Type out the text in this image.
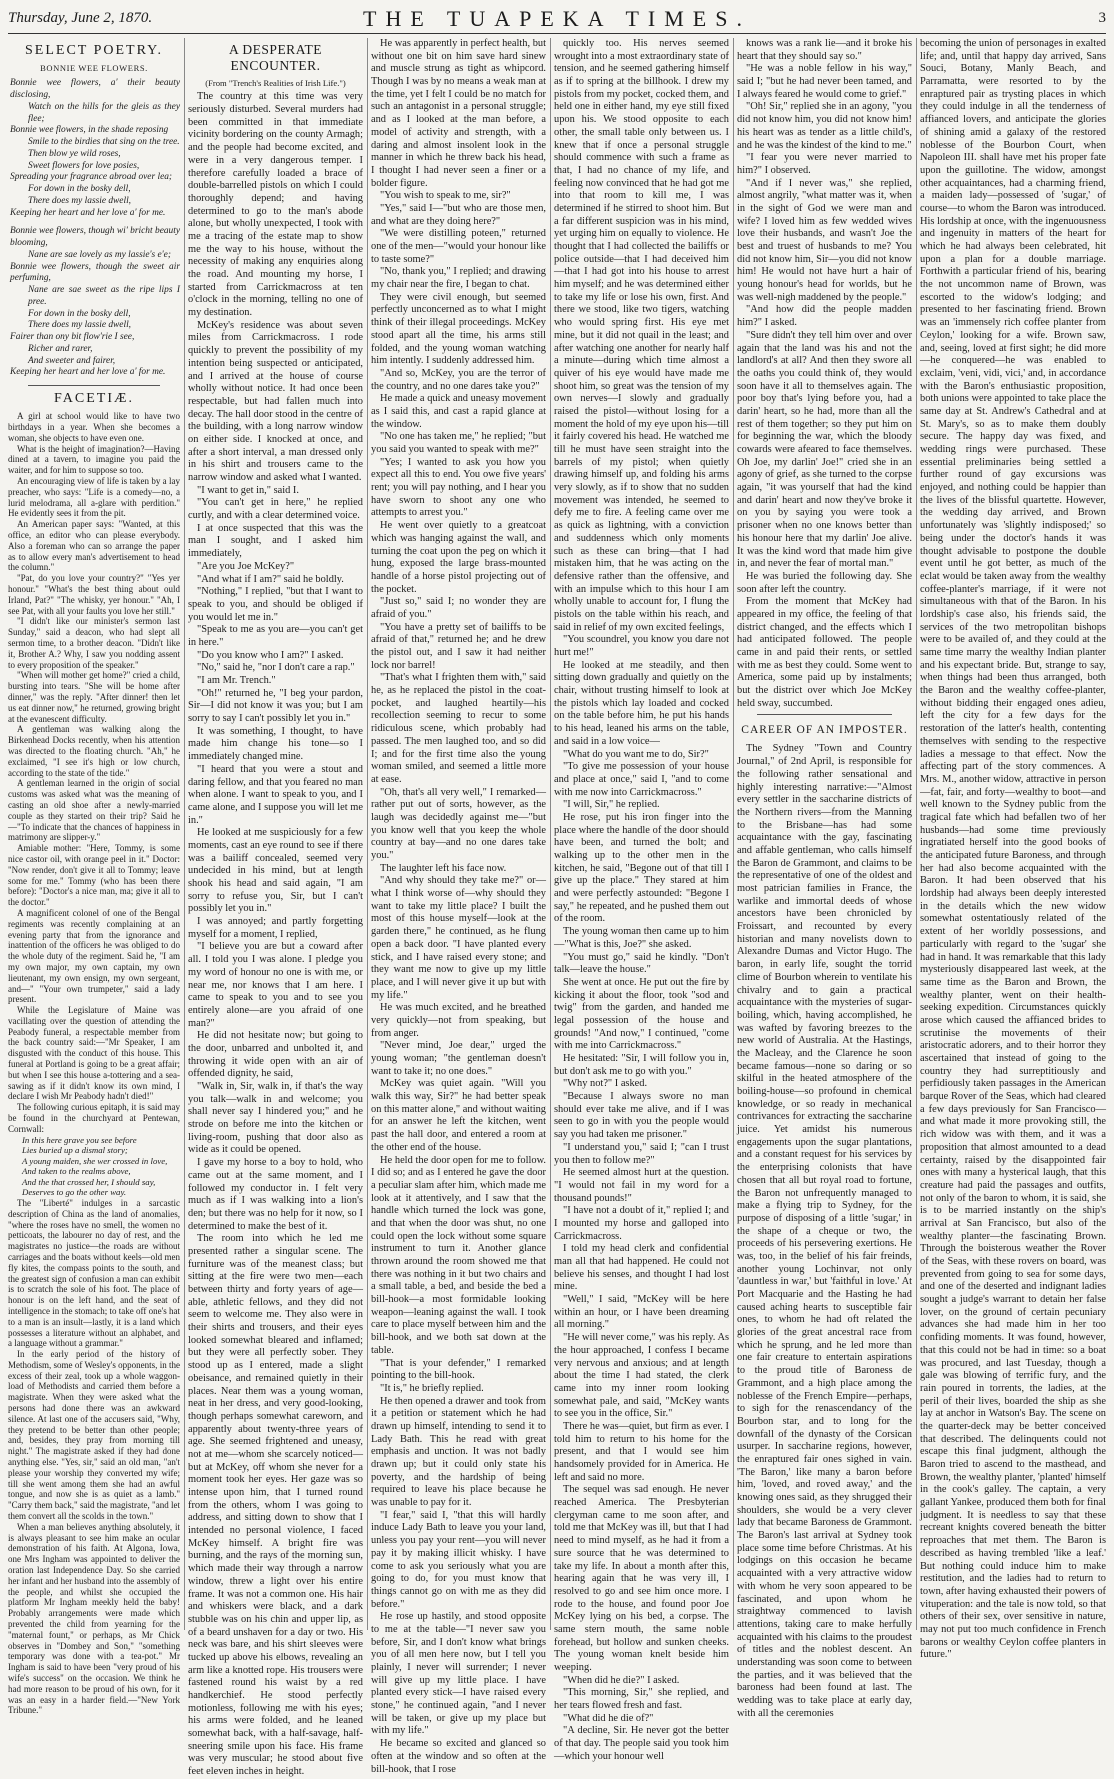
Thursday, June 2, 1870.	THE TUAPEKA TIMES.	3
SELECT POETRY.
BONNIE WEE FLOWERS.
Bonnie wee flowers, a' their beauty disclosing,
Watch on the hills for the gleis as they flee;
Bonnie wee flowers, in the shade reposing
Smile to the birdies that sing on the tree.
Then blow ye wild roses,
Sweet flowers for love posies,
Spreading your fragrance abroad over lea;
For down in the bosky dell,
There does my lassie dwell,
Keeping her heart and her love a' for me.
Bonnie wee flowers, though wi' bricht beauty blooming,
Nane are sae lovely as my lassie's e'e;
Bonnie wee flowers, though the sweet air perfuming,
Nane are sae sweet as the ripe lips I pree.
For down in the bosky dell,
There does my lassie dwell,
Fairer than ony bit flow'rie I see,
Richer and rarer,
And sweeter and fairer,
Keeping her heart and her love a' for me.
FACETIÆ.

A girl at school would like to have two birthdays in a year. When she becomes a woman, she objects to have even one.

What is the height of imagination?—Having dined at a tavern, to imagine you paid the waiter, and for him to suppose so too.

An encouraging view of life is taken by a lay preacher, who says: "Life is a comedy—no, a lurid melodrama, all a-glare with perdition." He evidently sees it from the pit.

An American paper says: "Wanted, at this office, an editor who can please everybody. Also a foreman who can so arrange the paper as to allow every man's advertisement to head the column."

"Pat, do you love your country?" "Yes yer honour." "What's the best thing about ould Irland, Pat?" "The whisky, yer honour." "Ah, I see Pat, with all your faults you love her still."

"I didn't like our minister's sermon last Sunday," said a deacon, who had slept all sermon time, to a brother deacon. "Didn't like it, Brother A.? Why, I saw you nodding assent to every proposition of the speaker."

"When will mother get home?" cried a child, bursting into tears. "She will be home after dinner," was the reply. "After dinner! then let us eat dinner now," he returned, growing bright at the evanescent difficulty.

A gentleman was walking along the Birkenhead Docks recently, when his attention was directed to the floating church. "Ah," he exclaimed, "I see it's high or low church, according to the state of the tide."

A gentleman learned in the origin of social customs was asked what was the meaning of casting an old shoe after a newly-married couple as they started on their trip? Said he—"To indicate that the chances of happiness in matrimony are slipper-y."

Amiable mother: "Here, Tommy, is some nice castor oil, with orange peel in it." Doctor: "Now render, don't give it all to Tommy; leave some for me." Tommy (who has been there before): "Doctor's a nice man, ma; give it all to the doctor."

A magnificent colonel of one of the Bengal regiments was recently complaining at an evening party that from the ignorance and inattention of the officers he was obliged to do the whole duty of the regiment. Said he, "I am my own major, my own captain, my own lieutenant, my own ensign, my own sergeant, and—" "Your own trumpeter," said a lady present.

While the Legislature of Maine was vacillating over the question of attending the Peabody funeral, a respectable member from the back country said:—"Mr Speaker, I am disgusted with the conduct of this house. This funeral at Portland is going to be a great affair; but when I see this house a-tottering and a sea-sawing as if it didn't know its own mind, I declare I wish Mr Peabody hadn't died!"

The following curious epitaph, it is said may be found in the churchyard at Pentewan, Cornwall:

In this here grave you see before
Lies buried up a dismal story;
A young maiden, she wer crossed in love,
And taken to the realms above,
And the that crossed her, I should say,
Deserves to go the other way.

The "Liberté" indulges in a sarcastic description of China as the land of anomalies, "where the roses have no smell, the women no petticoats, the labourer no day of rest, and the magistrates no justice—the roads are without carriages and the boats without keels—old men fly kites, the compass points to the south, and the greatest sign of confusion a man can exhibit is to scratch the sole of his foot. The place of honour is on the left hand, and the seat of intelligence in the stomach; to take off one's hat to a man is an insult—lastly, it is a land which possesses a literature without an alphabet, and a language without a grammar."

In the early period of the history of Methodism, some of Wesley's opponents, in the excess of their zeal, took up a whole waggon-load of Methodists and carried them before a magistrate. When they were asked what the persons had done there was an awkward silence. At last one of the accusers said, "Why, they pretend to be better than other people; and, besides, they pray from morning till night." The magistrate asked if they had done anything else. "Yes, sir," said an old man, "an't please your worship they converted my wife; till she went among them she had an awful tongue, and now she is as quiet as a lamb." "Carry them back," said the magistrate, "and let them convert all the scolds in the town."

When a man believes anything absolutely, it is always pleasant to see him make an ocular demonstration of his faith. At Algona, Iowa, one Mrs Ingham was appointed to deliver the oration last Independence Day. So she carried her infant and her husband into the assembly of the people, and whilst she occupied the platform Mr Ingham meekly held the baby! Probably arrangements were made which prevented the child from yearning for the "maternal fount," or perhaps, as Mr Chick observes in "Dombey and Son," "something temporary was done with a tea-pot." Mr Ingham is said to have been "very proud of his wife's success" on the occasion. We think he had more reason to be proud of his own, for it was an easy in a harder field.—"New York Tribune."

A DESPERATE ENCOUNTER.
(From "Trench's Realities of Irish Life.")

The country at this time was very seriously disturbed. Several murders had been committed in that immediate vicinity bordering on the county Armagh; and the people had become excited, and were in a very dangerous temper. I therefore carefully loaded a brace of double-barrelled pistols on which I could thoroughly depend; and having determined to go to the man's abode alone, but wholly unexpected, I took with me a tracing of the estate map to show me the way to his house, without the necessity of making any enquiries along the road. And mounting my horse, I started from Carrickmacross at ten o'clock in the morning, telling no one of my destination.

McKey's residence was about seven miles from Carrickmacross. I rode quickly to prevent the possibility of my intention being suspected or anticipated, and I arrived at the house of course wholly without notice. It had once been respectable, but had fallen much into decay. The hall door stood in the centre of the building, with a long narrow window on either side. I knocked at once, and after a short interval, a man dressed only in his shirt and trousers came to the narrow window and asked what I wanted.

"I want to get in," said I.

"You can't get in here," he replied curtly, and with a clear determined voice.

I at once suspected that this was the man I sought, and I asked him immediately,

"Are you Joe McKey?"

"And what if I am?" said he boldly.

"Nothing," I replied, "but that I want to speak to you, and should be obliged if you would let me in."

"Speak to me as you are—you can't get in here."

"Do you know who I am?" I asked.

"No," said he, "nor I don't care a rap."

"I am Mr. Trench."

"Oh!" returned he, "I beg your pardon, Sir—I did not know it was you; but I am sorry to say I can't possibly let you in."

It was something, I thought, to have made him change his tone—so I immediately changed mine.

"I heard that you were a stout and daring fellow, and that you feared no man when alone. I want to speak to you, and I came alone, and I suppose you will let me in."

He looked at me suspiciously for a few moments, cast an eye round to see if there was a bailiff concealed, seemed very undecided in his mind, but at length shook his head and said again, "I am sorry to refuse you, Sir, but I can't possibly let you in."

I was annoyed; and partly forgetting myself for a moment, I replied,

"I believe you are but a coward after all. I told you I was alone. I pledge you my word of honour no one is with me, or near me, nor knows that I am here. I came to speak to you and to see you entirely alone—are you afraid of one man?"

He did not hesitate now; but going to the door, unbarred and unbolted it, and throwing it wide open with an air of offended dignity, he said,

"Walk in, Sir, walk in, if that's the way you talk—walk in and welcome; you shall never say I hindered you;" and he strode on before me into the kitchen or living-room, pushing that door also as wide as it could be opened.

I gave my horse to a boy to hold, who came out at the same moment, and I followed my conductor in. I felt very much as if I was walking into a lion's den; but there was no help for it now, so I determined to make the best of it.

The room into which he led me presented rather a singular scene. The furniture was of the meanest class; but sitting at the fire were two men—each between thirty and forty years of age—able, athletic fellows, and they did not seem to welcome me. They also were in their shirts and trousers, and their eyes looked somewhat bleared and inflamed; but they were all perfectly sober. They stood up as I entered, made a slight obeisance, and remained quietly in their places. Near them was a young woman, neat in her dress, and very good-looking, though perhaps somewhat careworn, and apparently about twenty-three years of age. She seemed frightened and uneasy, not at me—whom she scarcely noticed—but at McKey, off whom she never for a moment took her eyes. Her gaze was so intense upon him, that I turned round from the others, whom I was going to address, and sitting down to show that I intended no personal violence, I faced McKey himself. A bright fire was burning, and the rays of the morning sun, which made their way through a narrow window, threw a light over his entire frame. It was not a common one. His hair and whiskers were black, and a dark stubble was on his chin and upper lip, as of a beard unshaven for a day or two. His neck was bare, and his shirt sleeves were tucked up above his elbows, revealing an arm like a knotted rope. His trousers were fastened round his waist by a red handkerchief. He stood perfectly motionless, following me with his eyes; his arms were folded, and he leaned somewhat back, with a half-savage, half-sneering smile upon his face. His frame was very muscular; he stood about five feet eleven inches in height.

He was apparently in perfect health, but without one bit on him save hard sinew and muscle strung as tight as whipcord. Though I was by no means a weak man at the time, yet I felt I could be no match for such an antagonist in a personal struggle; and as I looked at the man before, a model of activity and strength, with a daring and almost insolent look in the manner in which he threw back his head, I thought I had never seen a finer or a bolder figure.

"You wish to speak to me, sir?"

"Yes," said I—"but who are those men, and what are they doing here?"

"We were distilling poteen," returned one of the men—"would your honour like to taste some?"

"No, thank you," I replied; and drawing my chair near the fire, I began to chat.

They were civil enough, but seemed perfectly unconcerned as to what I might think of their illegal proceedings. McKey stood apart all the time, his arms still folded, and the young woman watching him intently. I suddenly addressed him.

"And so, McKey, you are the terror of the country, and no one dares take you?"

He made a quick and uneasy movement as I said this, and cast a rapid glance at the window.

"No one has taken me," he replied; "but you said you wanted to speak with me?"

"Yes; I wanted to ask you how you expect all this to end. You owe five years' rent; you will pay nothing, and I hear you have sworn to shoot any one who attempts to arrest you."

He went over quietly to a greatcoat which was hanging against the wall, and turning the coat upon the peg on which it hung, exposed the large brass-mounted handle of a horse pistol projecting out of the pocket.

"Just so," said I; no wonder they are afraid of you."

"You have a pretty set of bailiffs to be afraid of that," returned he; and he drew the pistol out, and I saw it had neither lock nor barrel!

"That's what I frighten them with," said he, as he replaced the pistol in the coat-pocket, and laughed heartily—his recollection seeming to recur to some ridiculous scene, which probably had passed. The men laughed too, and so did I; and for the first time also the young woman smiled, and seemed a little more at ease.

"Oh, that's all very well," I remarked—rather put out of sorts, however, as the laugh was decidedly against me—"but you know well that you keep the whole country at bay—and no one dares take you."

The laughter left his face now.

"And why should they take me?" or—what I think worse of—why should they want to take my little place? I built the most of this house myself—look at the garden there," he continued, as he flung open a back door. "I have planted every stick, and I have raised every stone; and they want me now to give up my little place, and I will never give it up but with my life."

He was much excited, and he breathed very quickly—not from speaking, but from anger.

"Never mind, Joe dear," urged the young woman; "the gentleman doesn't want to take it; no one does."

McKey was quiet again. "Will you walk this way, Sir?" he had better speak on this matter alone," and without waiting for an answer he left the kitchen, went past the hall door, and entered a room at the other end of the house.

He held the door open for me to follow. I did so; and as I entered he gave the door a peculiar slam after him, which made me look at it attentively, and I saw that the handle which turned the lock was gone, and that when the door was shut, no one could open the lock without some square instrument to turn it. Another glance thrown around the room showed me that there was nothing in it but two chairs and a small table, a bed, and beside the bed a bill-hook—a most formidable looking weapon—leaning against the wall. I took care to place myself between him and the bill-hook, and we both sat down at the table.

"That is your defender," I remarked pointing to the bill-hook.

"It is," he briefly replied.

He then opened a drawer and took from it a petition or statement which he had drawn up himself, intending to send it to Lady Bath. This he read with great emphasis and unction. It was not badly drawn up; but it could only state his poverty, and the hardship of being required to leave his place because he was unable to pay for it.

"I fear," said I, "that this will hardly induce Lady Bath to leave you your land, unless you pay your rent—you will never pay it by making illicit whisky. I have come to ask you seriously what you are going to do, for you must know that things cannot go on with me as they did before."

He rose up hastily, and stood opposite to me at the table—"I never saw you before, Sir, and I don't know what brings you of all men here now, but I tell you plainly, I never will surrender; I never will give up my little place. I have planted every stick—I have raised every stone," he continued again, "and I never will be taken, or give up my place but with my life."

He became so excited and glanced so often at the window and so often at the bill-hook, that I rose

quickly too. His nerves seemed wrought into a most extraordinary state of tension, and he seemed gathering himself as if to spring at the billhook. I drew my pistols from my pocket, cocked them, and held one in either hand, my eye still fixed upon his. We stood opposite to each other, the small table only between us. I knew that if once a personal struggle should commence with such a frame as that, I had no chance of my life, and feeling now convinced that he had got me into that room to kill me, I was determined if he stirred to shoot him. But a far different suspicion was in his mind, yet urging him on equally to violence. He thought that I had collected the bailiffs or police outside—that I had deceived him—that I had got into his house to arrest him myself; and he was determined either to take my life or lose his own, first. And there we stood, like two tigers, watching who would spring first. His eye met mine, but it did not quail in the least; and after watching one another for nearly half a minute—during which time almost a quiver of his eye would have made me shoot him, so great was the tension of my own nerves—I slowly and gradually raised the pistol—without losing for a moment the hold of my eye upon his—till it fairly covered his head. He watched me till he must have seen straight into the barrels of my pistol; when quietly drawing himself up, and folding his arms very slowly, as if to show that no sudden movement was intended, he seemed to defy me to fire. A feeling came over me as quick as lightning, with a conviction and suddenness which only moments such as these can bring—that I had mistaken him, that he was acting on the defensive rather than the offensive, and with an impulse which to this hour I am wholly unable to account for, I flung the pistols on the table within his reach, and said in relief of my own excited feelings,

"You scoundrel, you know you dare not hurt me!"

He looked at me steadily, and then sitting down gradually and quietly on the chair, without trusting himself to look at the pistols which lay loaded and cocked on the table before him, he put his hands to his head, leaned his arms on the table, and said in a low voice—

"What do you want me to do, Sir?"

"To give me possession of your house and place at once," said I, "and to come with me now into Carrickmacross."

"I will, Sir," he replied.

He rose, put his iron finger into the place where the handle of the door should have been, and turned the bolt; and walking up to the other men in the kitchen, he said, "Begone out of that till I give up the place." They stared at him and were perfectly astounded: "Begone I say," he repeated, and he pushed them out of the room.

The young woman then came up to him—"What is this, Joe?" she asked.

"You must go," said he kindly. "Don't talk—leave the house."

She went at once. He put out the fire by kicking it about the floor, took "sod and twig" from the garden, and handed me legal possession of the house and grounds! "And now," I continued, "come with me into Carrickmacross."

He hesitated: "Sir, I will follow you in, but don't ask me to go with you."

"Why not?" I asked.

"Because I always swore no man should ever take me alive, and if I was seen to go in with you the people would say you had taken me prisoner."

"I understand you," said I; "can I trust you then to follow me?"

He seemed almost hurt at the question. "I would not fail in my word for a thousand pounds!"

"I have not a doubt of it," replied I; and I mounted my horse and galloped into Carrickmacross.

I told my head clerk and confidential man all that had happened. He could not believe his senses, and thought I had lost mine.

"Well," I said, "McKey will be here within an hour, or I have been dreaming all morning."

"He will never come," was his reply. As the hour approached, I confess I became very nervous and anxious; and at length about the time I had stated, the clerk came into my inner room looking somewhat pale, and said, "McKey wants to see you in the office, Sir."

There he was—quiet, but firm as ever. I told him to return to his home for the present, and that I would see him handsomely provided for in America. He left and said no more.

The sequel was sad enough. He never reached America. The Presbyterian clergyman came to me soon after, and told me that McKey was ill, but that I had need to mind myself, as he had it from a sure source that he was determined to take my life. In about a month after this, hearing again that he was very ill, I resolved to go and see him once more. I rode to the house, and found poor Joe McKey lying on his bed, a corpse. The same stern mouth, the same noble forehead, but hollow and sunken cheeks. The young woman knelt beside him weeping.

"When did he die?" I asked.

"This morning, Sir," she replied, and her tears flowed fresh and fast.

"What did he die of?"

"A decline, Sir. He never got the better of that day. The people said you took him—which your honour well

knows was a rank lie—and it broke his heart that they should say so."

"He was a noble fellow in his way," said I; "but he had never been tamed, and I always feared he would come to grief."

"Oh! Sir," replied she in an agony, "you did not know him, you did not know him! his heart was as tender as a little child's, and he was the kindest of the kind to me."

"I fear you were never married to him?" I observed.

"And if I never was," she replied, almost angrily, "what matter was it, when in the sight of God we were man and wife? I loved him as few wedded wives love their husbands, and wasn't Joe the best and truest of husbands to me? You did not know him, Sir—you did not know him! He would not have hurt a hair of young honour's head for worlds, but he was well-nigh maddened by the people."

"And how did the people madden him?" I asked.

"Sure didn't they tell him over and over again that the land was his and not the landlord's at all? And then they swore all the oaths you could think of, they would soon have it all to themselves again. The poor boy that's lying before you, had a darin' heart, so he had, more than all the rest of them together; so they put him on for beginning the war, which the bloody cowards were afeared to face themselves. Oh Joe, my darlin' Joe!" cried she in an agony of grief, as she turned to the corpse again, "it was yourself that had the kind and darin' heart and now they've broke it on you by saying you were took a prisoner when no one knows better than his honour here that my darlin' Joe alive. It was the kind word that made him give in, and never the fear of mortal man."

He was buried the following day. She soon after left the country.

From the moment that McKey had appeared in my office, the feeling of that district changed, and the effects which I had anticipated followed. The people came in and paid their rents, or settled with me as best they could. Some went to America, some paid up by instalments; but the district over which Joe McKey held sway, succumbed.

CAREER OF AN IMPOSTER.

The Sydney "Town and Country Journal," of 2nd April, is responsible for the following rather sensational and highly interesting narrative:—"Almost every settler in the saccharine districts of the Northern rivers—from the Manning to the Brisbane—has had some acquaintance with the gay, fascinating and affable gentleman, who calls himself the Baron de Grammont, and claims to be the representative of one of the oldest and most patrician families in France, the warlike and immortal deeds of whose ancestors have been chronicled by Froissart, and recounted by every historian and many novelists down to Alexandre Dumas and Victor Hugo. The baron, in early life, sought the torrid clime of Bourbon wherein to ventilate his chivalry and to gain a practical acquaintance with the mysteries of sugar-boiling, which, having accomplished, he was wafted by favoring breezes to the new world of Australia. At the Hastings, the Macleay, and the Clarence he soon became famous—none so daring or so skilful in the heated atmosphere of the boiling-house—so profound in chemical knowledge, or so ready in mechanical contrivances for extracting the saccharine juice. Yet amidst his numerous engagements upon the sugar plantations, and a constant request for his services by the enterprising colonists that have chosen that all but royal road to fortune, the Baron not unfrequently managed to make a flying trip to Sydney, for the purpose of disposing of a little 'sugar,' in the shape of a cheque or two, the proceeds of his persevering exertions. He was, too, in the belief of his fair freinds, another young Lochinvar, not only 'dauntless in war,' but 'faithful in love.' At Port Macquarie and the Hasting he had caused aching hearts to susceptible fair ones, to whom he had oft related the glories of the great ancestral race from which he sprung, and he led more than one fair creature to entertain aspirations to the proud title of Baroness de Grammont, and a high place among the noblesse of the French Empire—perhaps, to sigh for the renascendancy of the Bourbon star, and to long for the downfall of the dynasty of the Corsican usurper. In saccharine regions, however, the enraptured fair ones sighed in vain. 'The Baron,' like many a baron before him, 'loved, and roved away,' and the knowing ones said, as they shrugged their shoulders, she would be a very clever lady that became Baroness de Grammont. The Baron's last arrival at Sydney took place some time before Christmas. At his lodgings on this occasion he became acquainted with a very attractive widow with whom he very soon appeared to be fascinated, and upon whom he straightway commenced to lavish attentions, taking care to make herfully acquainted with his claims to the proudest of titles and the noblest descent. An understanding was soon come to between the parties, and it was believed that the baroness had been found at last. The wedding was to take place at early day, with all the ceremonies

becoming the union of personages in exalted life; and, until that happy day arrived, Sans Souci, Botany, Manly Beach, and Parramatta, were resorted to by the enraptured pair as trysting places in which they could indulge in all the tenderness of affianced lovers, and anticipate the glories of shining amid a galaxy of the restored noblesse of the Bourbon Court, when Napoleon III. shall have met his proper fate upon the guillotine. The widow, amongst other acquaintances, had a charming friend, a maiden lady—possessed of 'sugar,' of course—to whom the Baron was introduced. His lordship at once, with the ingenuousness and ingenuity in matters of the heart for which he had always been celebrated, hit upon a plan for a double marriage. Forthwith a particular friend of his, bearing the not uncommon name of Brown, was escorted to the widow's lodging; and presented to her fascinating friend. Brown was an 'immensely rich coffee planter from Ceylon,' looking for a wife. Brown saw, and, seeing, loved at first sight; he did more—he conquered—he was enabled to exclaim, 'veni, vidi, vici,' and, in accordance with the Baron's enthusiastic proposition, both unions were appointed to take place the same day at St. Andrew's Cathedral and at St. Mary's, so as to make them doubly secure. The happy day was fixed, and wedding rings were purchased. These essential preliminaries being settled a further round of gay excursions was enjoyed, and nothing could be happier than the lives of the blissful quartette. However, the wedding day arrived, and Brown unfortunately was 'slightly indisposed;' so being under the doctor's hands it was thought advisable to postpone the double event until he got better, as much of the eclat would be taken away from the wealthy coffee-planter's marriage, if it were not simultaneous with that of the Baron. In his lordship's case also, his friends said, the services of the two metropolitan bishops were to be availed of, and they could at the same time marry the wealthy Indian planter and his expectant bride. But, strange to say, when things had been thus arranged, both the Baron and the wealthy coffee-planter, without bidding their engaged ones adieu, left the city for a few days for the restoration of the latter's health, contenting themselves with sending to the respective ladies a message to that effect. Now the affecting part of the story commences. A Mrs. M., another widow, attractive in person—fat, fair, and forty—wealthy to boot—and well known to the Sydney public from the tragical fate which had befallen two of her husbands—had some time previously ingratiated herself into the good books of the anticipated future Baroness, and through her had also become acquainted with the Baron. It had been observed that his lordship had always been deeply interested in the details which the new widow somewhat ostentatiously related of the extent of her worldly possessions, and particularly with regard to the 'sugar' she had in hand. It was remarkable that this lady mysteriously disappeared last week, at the same time as the Baron and Brown, the wealthy planter, went on their health-seeking expedition. Circumstances quickly arose which caused the affianced brides to scrutinise the movements of their aristocratic adorers, and to their horror they ascertained that instead of going to the country they had surreptitiously and perfidiously taken passages in the American barque Rover of the Seas, which had cleared a few days previously for San Francisco—and what made it more provoking still, the rich widow was with them, and it was a proposition that almost amounted to a dead certainty, raised by the disappointed fair ones with many a hysterical laugh, that this creature had paid the passages and outfits, not only of the baron to whom, it is said, she is to be married instantly on the ship's arrival at San Francisco, but also of the wealthy planter—the fascinating Brown. Through the boisterous weather the Rover of the Seas, with these rovers on board, was prevented from going to sea for some days, and one of the deserted and indignant ladies sought a judge's warrant to detain her false lover, on the ground of certain pecuniary advances she had made him in her too confiding moments. It was found, however, that this could not be had in time: so a boat was procured, and last Tuesday, though a gale was blowing of terrific fury, and the rain poured in torrents, the ladies, at the peril of their lives, boarded the ship as she lay at anchor in Watson's Bay. The scene on the quarter-deck may be better conceived that described. The delinquents could not escape this final judgment, although the Baron tried to ascend to the masthead, and Brown, the wealthy planter, 'planted' himself in the cook's galley. The captain, a very gallant Yankee, produced them both for final judgment. It is needless to say that these recreant knights covered beneath the bitter reproaches that met them. The Baron is described as having trembled 'like a leaf.' But nothing could induce him to make restitution, and the ladies had to return to town, after having exhausted their powers of vituperation: and the tale is now told, so that others of their sex, over sensitive in nature, may not put too much confidence in French barons or wealthy Ceylon coffee planters in future."
